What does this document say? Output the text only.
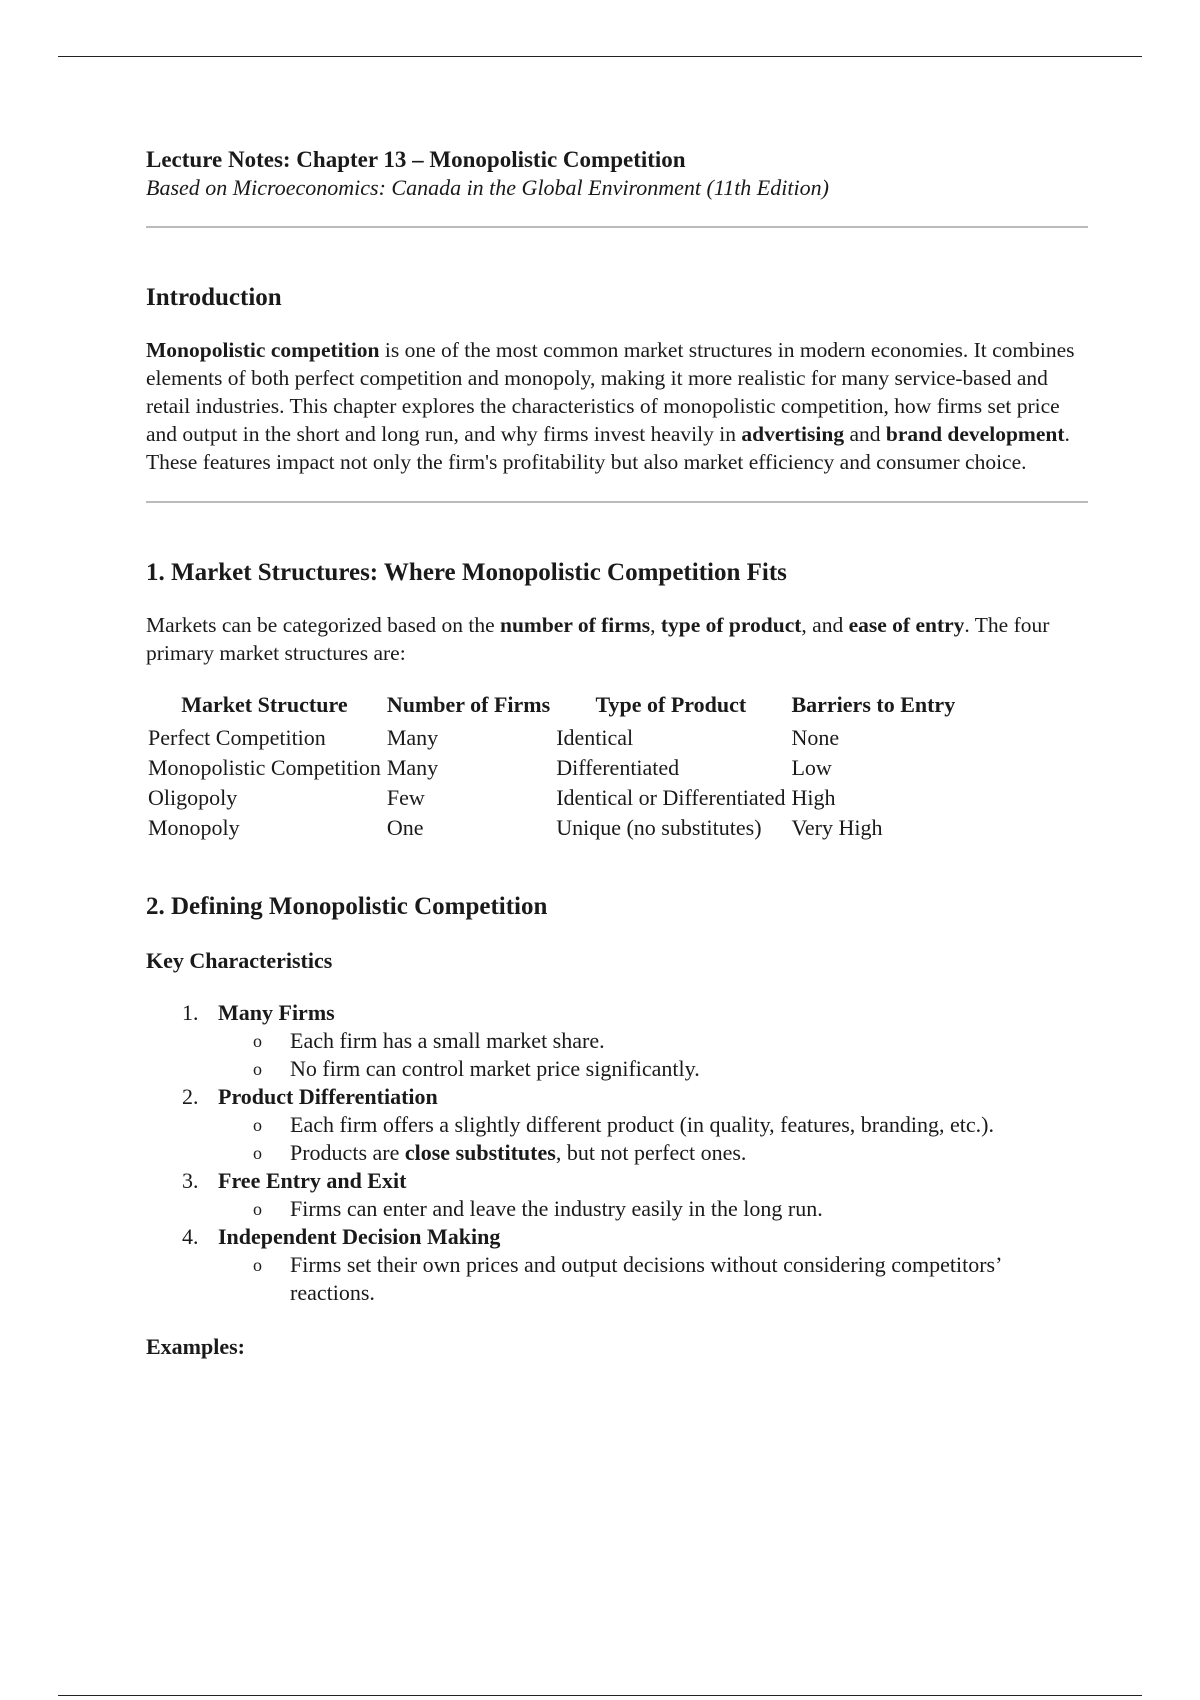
Lecture Notes: Chapter 13 – Monopolistic Competition
Based on Microeconomics: Canada in the Global Environment (11th Edition)
Introduction

Monopolistic competition is one of the most common market structures in modern economies. It combines elements of both perfect competition and monopoly, making it more realistic for many service-based and retail industries. This chapter explores the characteristics of monopolistic competition, how firms set price and output in the short and long run, and why firms invest heavily in advertising and brand development. These features impact not only the firm's profitability but also market efficiency and consumer choice.

1. Market Structures: Where Monopolistic Competition Fits

Markets can be categorized based on the number of firms, type of product, and ease of entry. The four primary market structures are:

Market Structure	Number of Firms	Type of Product	Barriers to Entry
Perfect Competition	Many	Identical	None
Monopolistic Competition	Many	Differentiated	Low
Oligopoly	Few	Identical or Differentiated	High
Monopoly	One	Unique (no substitutes)	Very High
2. Defining Monopolistic Competition
Key Characteristics
1. Many Firms
o Each firm has a small market share.
o No firm can control market price significantly.
2. Product Differentiation
o Each firm offers a slightly different product (in quality, features, branding, etc.).
o Products are close substitutes, but not perfect ones.
3. Free Entry and Exit
o Firms can enter and leave the industry easily in the long run.
4. Independent Decision Making
o Firms set their own prices and output decisions without considering competitors’ reactions.
Examples:
